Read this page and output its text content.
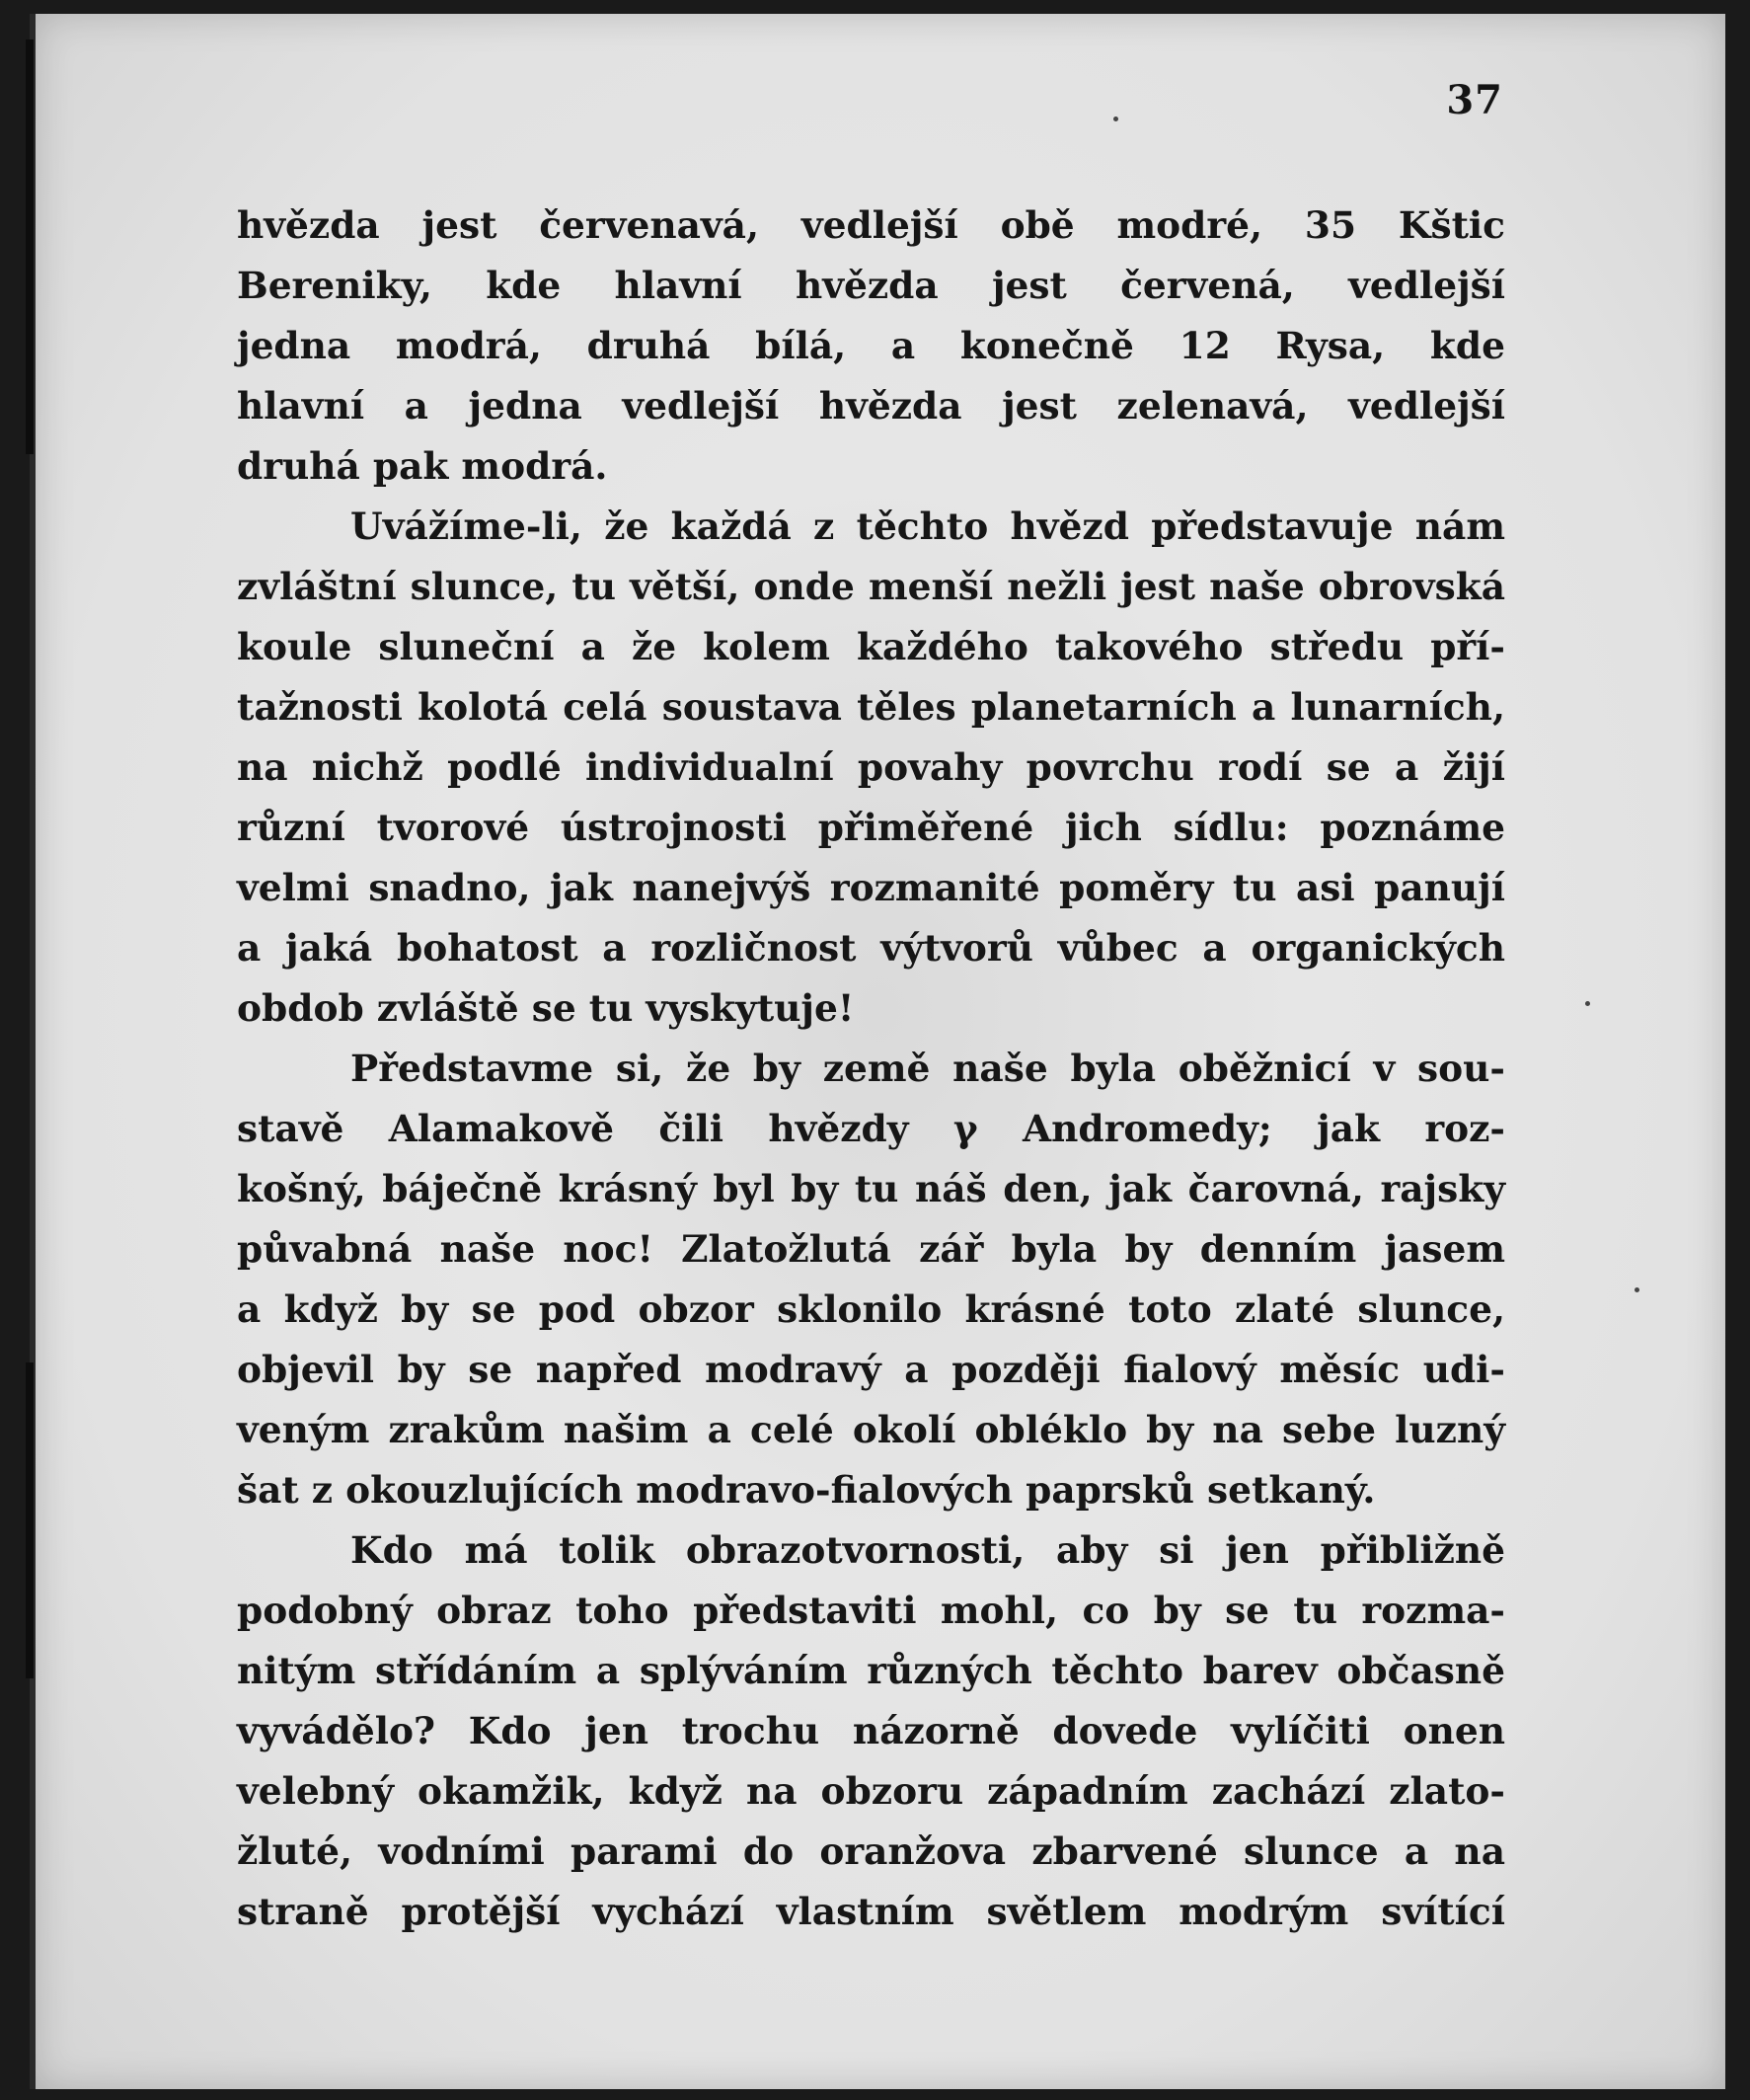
37
hvězda jest červenavá, vedlejší obě modré, 35 Kštic
Bereniky, kde hlavní hvězda jest červená, vedlejší
jedna modrá, druhá bílá, a konečně 12 Rysa, kde
hlavní a jedna vedlejší hvězda jest zelenavá, vedlejší
druhá pak modrá.
Uvážíme-li, že každá z těchto hvězd představuje nám
zvláštní slunce, tu větší, onde menší nežli jest naše obrovská
koule sluneční a že kolem každého takového středu pří-
tažnosti kolotá celá soustava těles planetarních a lunarních,
na nichž podlé individualní povahy povrchu rodí se a žijí
různí tvorové ústrojnosti přiměřené jich sídlu: poznáme
velmi snadno, jak nanejvýš rozmanité poměry tu asi panují
a jaká bohatost a rozličnost výtvorů vůbec a organických
obdob zvláště se tu vyskytuje!
Představme si, že by země naše byla oběžnicí v sou-
stavě Alamakově čili hvězdy γ Andromedy; jak roz-
košný, báječně krásný byl by tu náš den, jak čarovná, rajsky
půvabná naše noc! Zlatožlutá zář byla by denním jasem
a když by se pod obzor sklonilo krásné toto zlaté slunce,
objevil by se napřed modravý a později fialový měsíc udi-
veným zrakům našim a celé okolí obléklo by na sebe luzný
šat z okouzlujících modravo-fialových paprsků setkaný.
Kdo má tolik obrazotvornosti, aby si jen přibližně
podobný obraz toho představiti mohl, co by se tu rozma-
nitým střídáním a splýváním různých těchto barev občasně
vyvádělo? Kdo jen trochu názorně dovede vylíčiti onen
velebný okamžik, když na obzoru západním zachází zlato-
žluté, vodními parami do oranžova zbarvené slunce a na
straně protější vychází vlastním světlem modrým svítící
